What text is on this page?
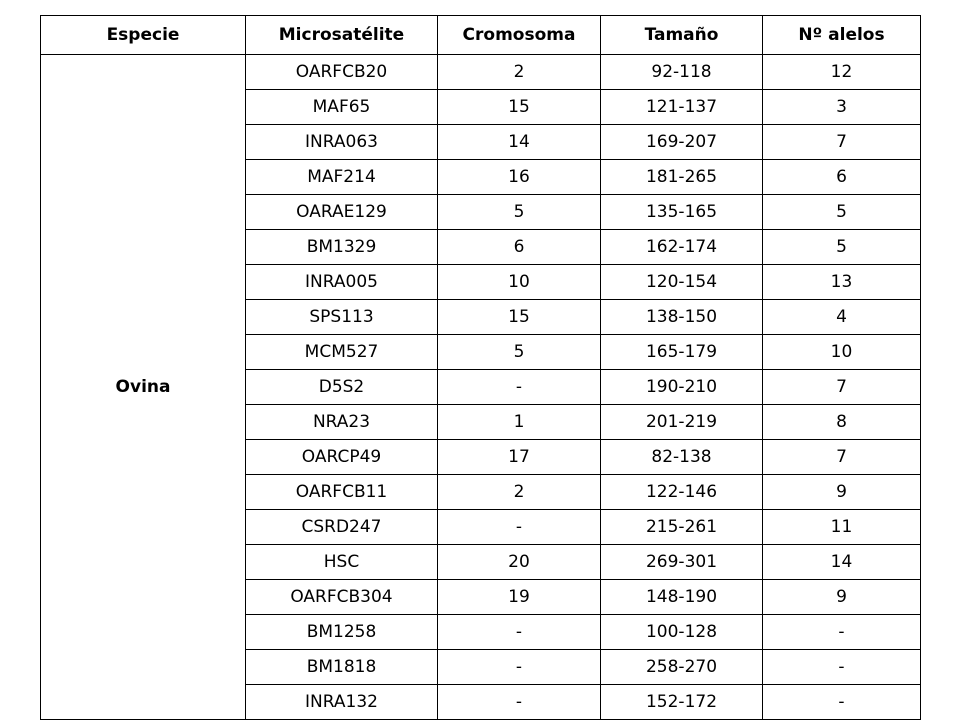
Especie	Microsatélite	Cromosoma	Tamaño	Nº alelos
Ovina	OARFCB20	2	92-118	12
	MAF65	15	121-137	3
	INRA063	14	169-207	7
	MAF214	16	181-265	6
	OARAE129	5	135-165	5
	BM1329	6	162-174	5
	INRA005	10	120-154	13
	SPS113	15	138-150	4
	MCM527	5	165-179	10
	D5S2	-	190-210	7
	NRA23	1	201-219	8
	OARCP49	17	82-138	7
	OARFCB11	2	122-146	9
	CSRD247	-	215-261	11
	HSC	20	269-301	14
	OARFCB304	19	148-190	9
	BM1258	-	100-128	-
	BM1818	-	258-270	-
	INRA132	-	152-172	-
